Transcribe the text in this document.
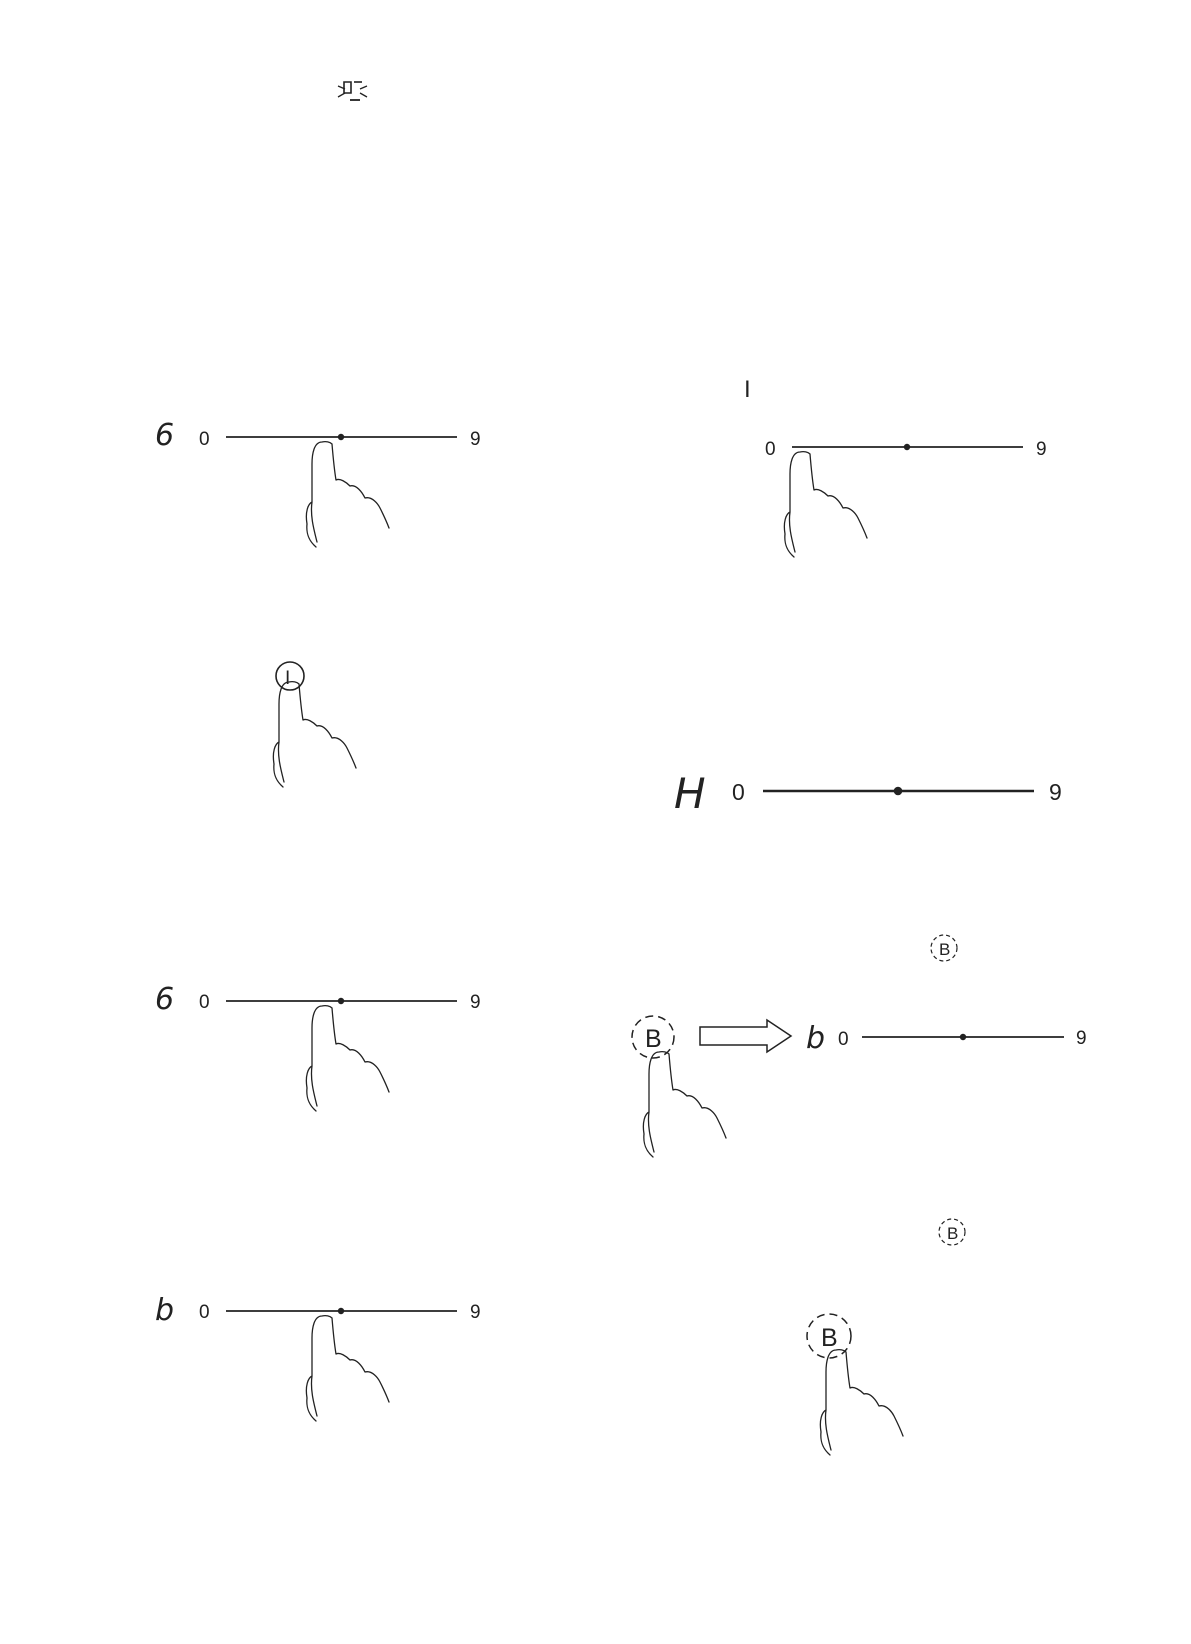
6 0	9
I
6 0	9
b 0	9
I
0	9
H 0	9
B
B	b 0	9
B
B
